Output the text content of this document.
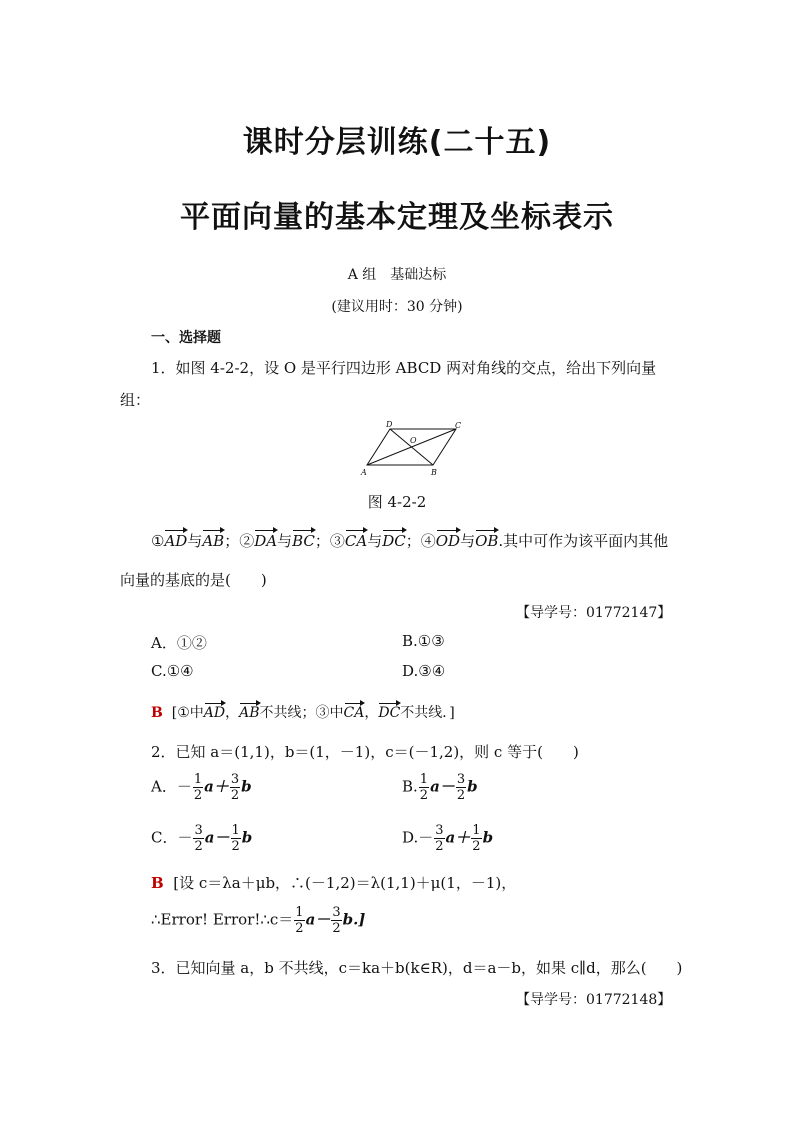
课时分层训练(二十五)
平面向量的基本定理及坐标表示
A 组　基础达标
(建议用时：30 分钟)
一、选择题
1．如图 4-2-2，设 O 是平行四边形 ABCD 两对角线的交点，给出下列向量
组：
D	C
O
A	B
图 4-2-2
①AD与AB；②DA与BC；③CA与DC；④OD与OB.其中可作为该平面内其他
向量的基底的是(　　)
【导学号：01772147】
A．①②	B.①③
C.①④	D.③④
B [①中AD，AB不共线；③中CA，DC不共线．]
2．已知 a＝(1,1)，b＝(1，－1)，c＝(－1,2)，则 c 等于(　　)
A．－ $\frac{1}{2} a+ \frac{3}{2}$ b	B. $\frac{1}{2} a- \frac{3}{2}$ b
C．－ $\frac{3}{2} a- \frac{1}{2}$ b	$D.- \frac{3}{2} a+ \frac{1}{2}$ b
B [设 c＝λa＋μb，∴(－1,2)＝λ(1,1)＋μ(1，－1)，
∴Error! Error!∴c＝ $\frac{1}{2} a- \frac{3}{2} b$.]
3．已知向量 a，b 不共线，c＝ka＋b(k∈R)，d＝a－b，如果 c∥d，那么(　　)
【导学号：01772148】
